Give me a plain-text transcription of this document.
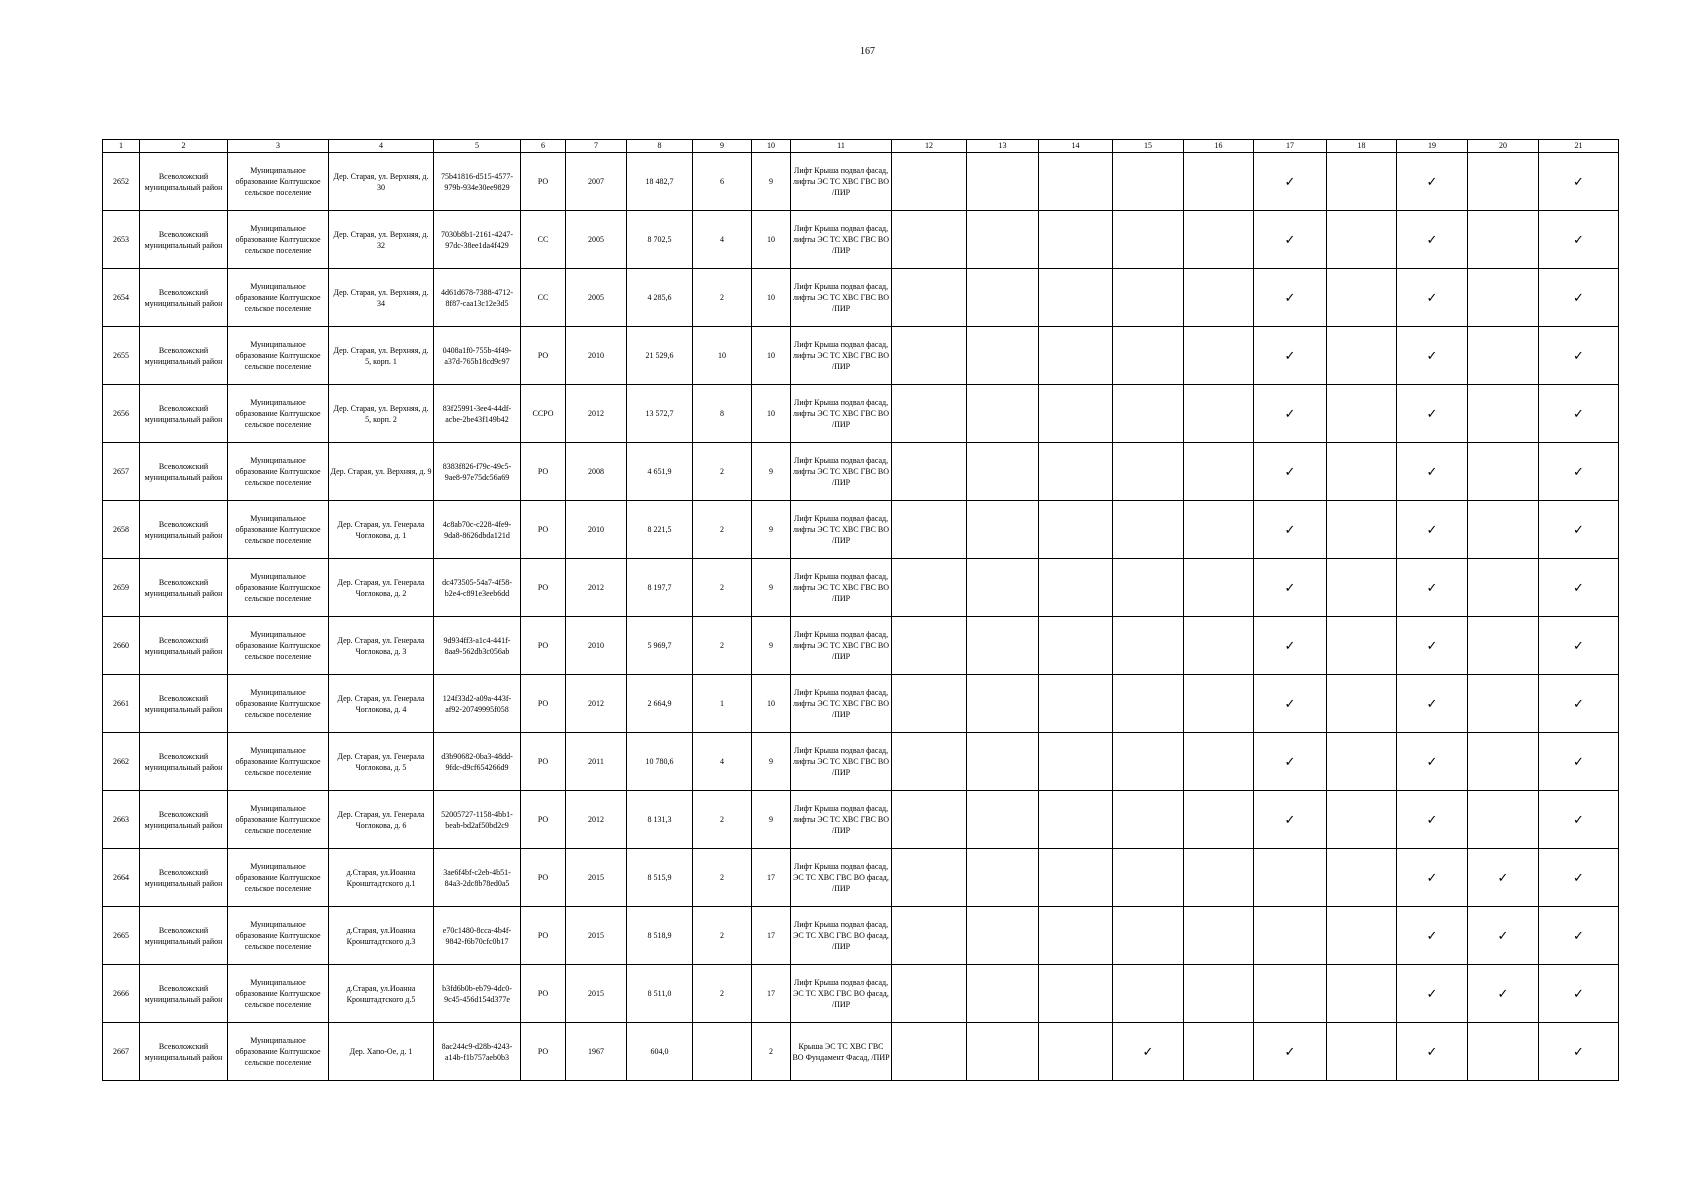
167
1	2	3	4	5	6	7	8	9	10	11	12	13	14	15	16	17	18	19	20	21
2652	Всеволожский муниципальный район	Муниципальное образование Колтушское сельское поселение	Дер. Старая, ул. Верхняя, д. 30	75b41816-d515-4577-979b-934e30ee9829	РО	2007	18 482,7	6	9	Лифт Крыша подвал фасад, лифты ЭС ТС ХВС ГВС ВО /ПИР						✓		✓		✓
2653	Всеволожский муниципальный район	Муниципальное образование Колтушское сельское поселение	Дер. Старая, ул. Верхняя, д. 32	7030b8b1-2161-4247-97dc-38ee1da4f429	СС	2005	8 702,5	4	10	Лифт Крыша подвал фасад, лифты ЭС ТС ХВС ГВС ВО /ПИР						✓		✓		✓
2654	Всеволожский муниципальный район	Муниципальное образование Колтушское сельское поселение	Дер. Старая, ул. Верхняя, д. 34	4d61d678-7388-4712-8f87-caa13c12e3d5	СС	2005	4 285,6	2	10	Лифт Крыша подвал фасад, лифты ЭС ТС ХВС ГВС ВО /ПИР						✓		✓		✓
2655	Всеволожский муниципальный район	Муниципальное образование Колтушское сельское поселение	Дер. Старая, ул. Верхняя, д. 5, корп. 1	0408a1f0-755b-4f49-a37d-765b18cd9c97	РО	2010	21 529,6	10	10	Лифт Крыша подвал фасад, лифты ЭС ТС ХВС ГВС ВО /ПИР						✓		✓		✓
2656	Всеволожский муниципальный район	Муниципальное образование Колтушское сельское поселение	Дер. Старая, ул. Верхняя, д. 5, корп. 2	83f25991-3ee4-44df-acbe-2be43f149b42	ССРО	2012	13 572,7	8	10	Лифт Крыша подвал фасад, лифты ЭС ТС ХВС ГВС ВО /ПИР						✓		✓		✓
2657	Всеволожский муниципальный район	Муниципальное образование Колтушское сельское поселение	Дер. Старая, ул. Верхняя, д. 9	8383f826-f79c-49c5-9ae8-97e75dc56a69	РО	2008	4 651,9	2	9	Лифт Крыша подвал фасад, лифты ЭС ТС ХВС ГВС ВО /ПИР						✓		✓		✓
2658	Всеволожский муниципальный район	Муниципальное образование Колтушское сельское поселение	Дер. Старая, ул. Генерала Чоглокова, д. 1	4c8ab70c-c228-4fe9-9da8-8626dbda121d	РО	2010	8 221,5	2	9	Лифт Крыша подвал фасад, лифты ЭС ТС ХВС ГВС ВО /ПИР						✓		✓		✓
2659	Всеволожский муниципальный район	Муниципальное образование Колтушское сельское поселение	Дер. Старая, ул. Генерала Чоглокова, д. 2	dc473505-54a7-4f58-b2e4-c891e3eeb6dd	РО	2012	8 197,7	2	9	Лифт Крыша подвал фасад, лифты ЭС ТС ХВС ГВС ВО /ПИР						✓		✓		✓
2660	Всеволожский муниципальный район	Муниципальное образование Колтушское сельское поселение	Дер. Старая, ул. Генерала Чоглокова, д. 3	9d934ff3-a1c4-441f-8aa9-562db3c056ab	РО	2010	5 969,7	2	9	Лифт Крыша подвал фасад, лифты ЭС ТС ХВС ГВС ВО /ПИР						✓		✓		✓
2661	Всеволожский муниципальный район	Муниципальное образование Колтушское сельское поселение	Дер. Старая, ул. Генерала Чоглокова, д. 4	124f33d2-a09a-443f-af92-20749995f058	РО	2012	2 664,9	1	10	Лифт Крыша подвал фасад, лифты ЭС ТС ХВС ГВС ВО /ПИР						✓		✓		✓
2662	Всеволожский муниципальный район	Муниципальное образование Колтушское сельское поселение	Дер. Старая, ул. Генерала Чоглокова, д. 5	d3b90682-0ba3-48dd-9fdc-d9cf654266d9	РО	2011	10 780,6	4	9	Лифт Крыша подвал фасад, лифты ЭС ТС ХВС ГВС ВО /ПИР						✓		✓		✓
2663	Всеволожский муниципальный район	Муниципальное образование Колтушское сельское поселение	Дер. Старая, ул. Генерала Чоглокова, д. 6	52005727-1158-4bb1-beab-bd2af50bd2c9	РО	2012	8 131,3	2	9	Лифт Крыша подвал фасад, лифты ЭС ТС ХВС ГВС ВО /ПИР						✓		✓		✓
2664	Всеволожский муниципальный район	Муниципальное образование Колтушское сельское поселение	д.Старая, ул.Иоанна Кронштадтского д.1	3ae6f4bf-c2eb-4b51-84a3-2dc8b78ed0a5	РО	2015	8 515,9	2	17	Лифт Крыша подвал фасад, ЭС ТС ХВС ГВС ВО фасад, /ПИР								✓	✓	✓
2665	Всеволожский муниципальный район	Муниципальное образование Колтушское сельское поселение	д.Старая, ул.Иоанна Кронштадтского д.3	e70c1480-8cca-4b4f-9842-f6b70cfc0b17	РО	2015	8 518,9	2	17	Лифт Крыша подвал фасад, ЭС ТС ХВС ГВС ВО фасад, /ПИР								✓	✓	✓
2666	Всеволожский муниципальный район	Муниципальное образование Колтушское сельское поселение	д.Старая, ул.Иоанна Кронштадтского д.5	b3fd6b0b-eb79-4dc0-9c45-456d154d377e	РО	2015	8 511,0	2	17	Лифт Крыша подвал фасад, ЭС ТС ХВС ГВС ВО фасад, /ПИР								✓	✓	✓
2667	Всеволожский муниципальный район	Муниципальное образование Колтушское сельское поселение	Дер. Хапо-Ое, д. 1	8ac244c9-d28b-4243-a14b-f1b757aeb0b3	РО	1967	604,0		2	Крыша ЭС ТС ХВС ГВС ВО Фундамент Фасад, /ПИР				✓		✓		✓		✓
